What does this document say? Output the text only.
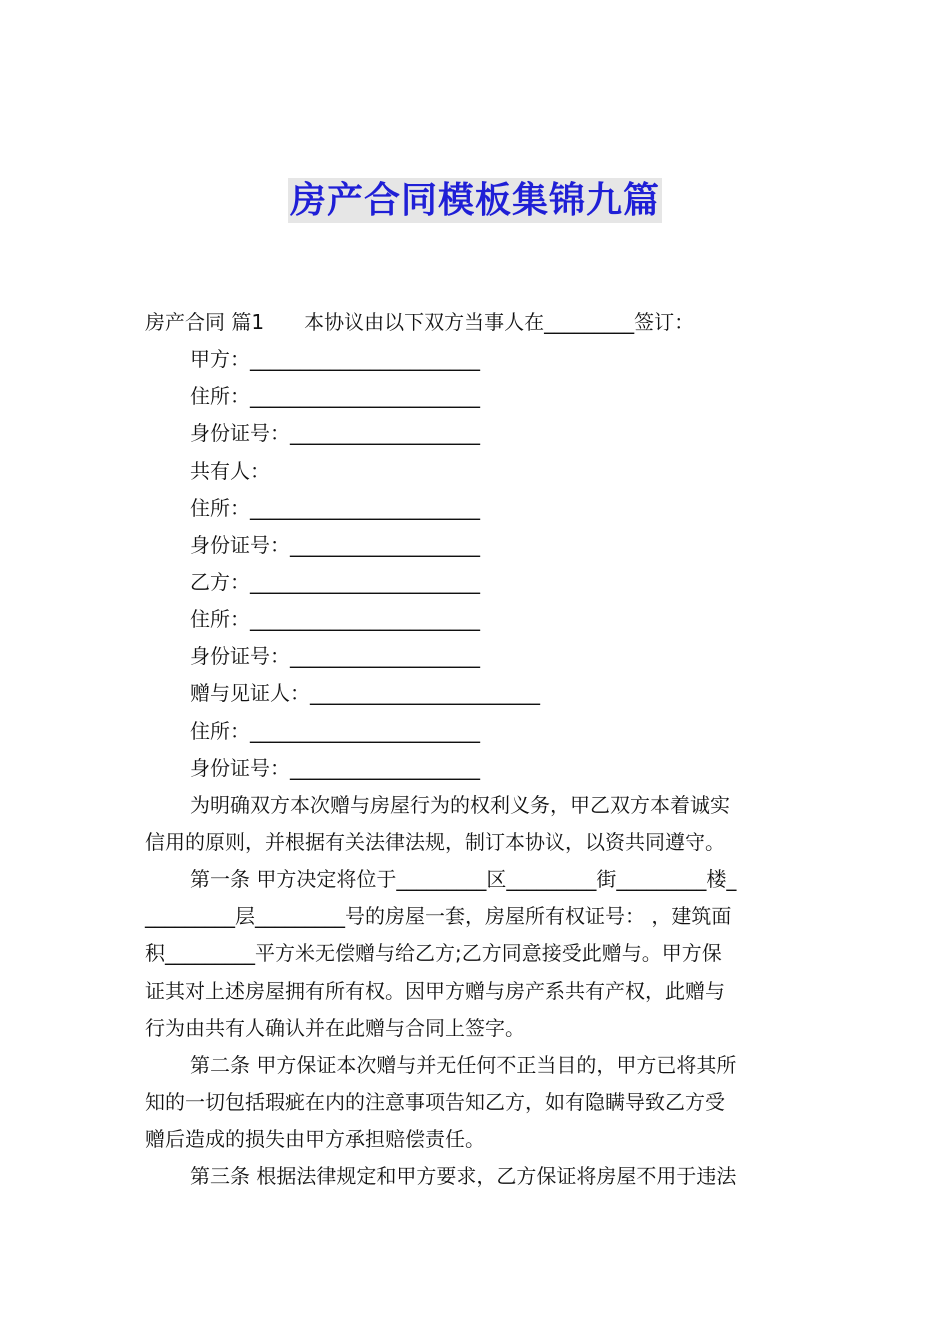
房产合同模板集锦九篇
房产合同 篇1　　本协议由以下双方当事人在_________签订：
甲方：_______________________
住所：_______________________
身份证号：___________________
共有人：
住所：_______________________
身份证号：___________________
乙方：_______________________
住所：_______________________
身份证号：___________________
赠与见证人：_______________________
住所：_______________________
身份证号：___________________
为明确双方本次赠与房屋行为的权利义务，甲乙双方本着诚实
信用的原则，并根据有关法律法规，制订本协议，以资共同遵守。
第一条 甲方决定将位于_________区_________街_________楼_
_________层_________号的房屋一套，房屋所有权证号： ，建筑面
积_________平方米无偿赠与给乙方;乙方同意接受此赠与。甲方保
证其对上述房屋拥有所有权。因甲方赠与房产系共有产权，此赠与
行为由共有人确认并在此赠与合同上签字。
第二条 甲方保证本次赠与并无任何不正当目的，甲方已将其所
知的一切包括瑕疵在内的注意事项告知乙方，如有隐瞒导致乙方受
赠后造成的损失由甲方承担赔偿责任。
第三条 根据法律规定和甲方要求，乙方保证将房屋不用于违法
